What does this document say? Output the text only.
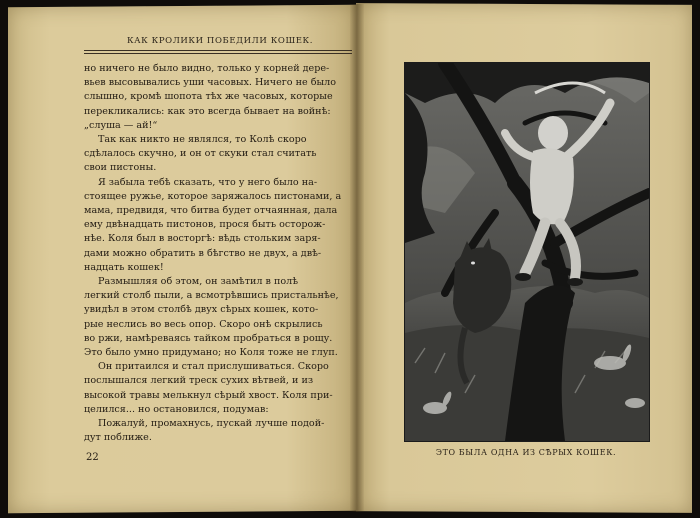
КАК КРОЛИКИ ПОБЕДИЛИ КОШЕК.
но ничего не было видно, только у корней дере-
вьев высовывались уши часовых. Ничего не было
слышно, кромѣ шопота тѣх же часовых, которые
перекликались: как это всегда бывает на войнѣ:
„слуша — ай!“
Так как никто не являлся, то Колѣ скоро
сдѣлалось скучно, и он от скуки стал считать
свои пистоны.
Я забыла тебѣ сказать, что у него было на-
стоящее ружье, которое заряжалось пистонами, а
мама, предвидя, что битва будет отчаянная, дала
ему двѣнадцать пистонов, прося быть осторож-
нѣе. Коля был в восторгѣ: вѣдь стольким заря-
дами можно обратить в бѣгство не двух, а двѣ-
надцать кошек!
Размышляя об этом, он замѣтил в полѣ
легкий столб пыли, а всмотрѣвшись пристальнѣе,
увидѣл в этом столбѣ двух сѣрых кошек, кото-
рые неслись во весь опор. Скоро онѣ скрылись
во ржи, намѣреваясь тайком пробраться в рощу.
Это было умно придумано; но Коля тоже не глуп.
Он притаился и стал прислушиваться. Скоро
послышался легкий треск сухих вѣтвей, и из
высокой травы мелькнул сѣрый хвост. Коля при-
целился... но остановился, подумав:
Пожалуй, промахнусь, пускай лучше подой-
дут поближе.
22	ЭТО БЫЛА ОДНА ИЗ СѢРЫХ КОШЕК.
